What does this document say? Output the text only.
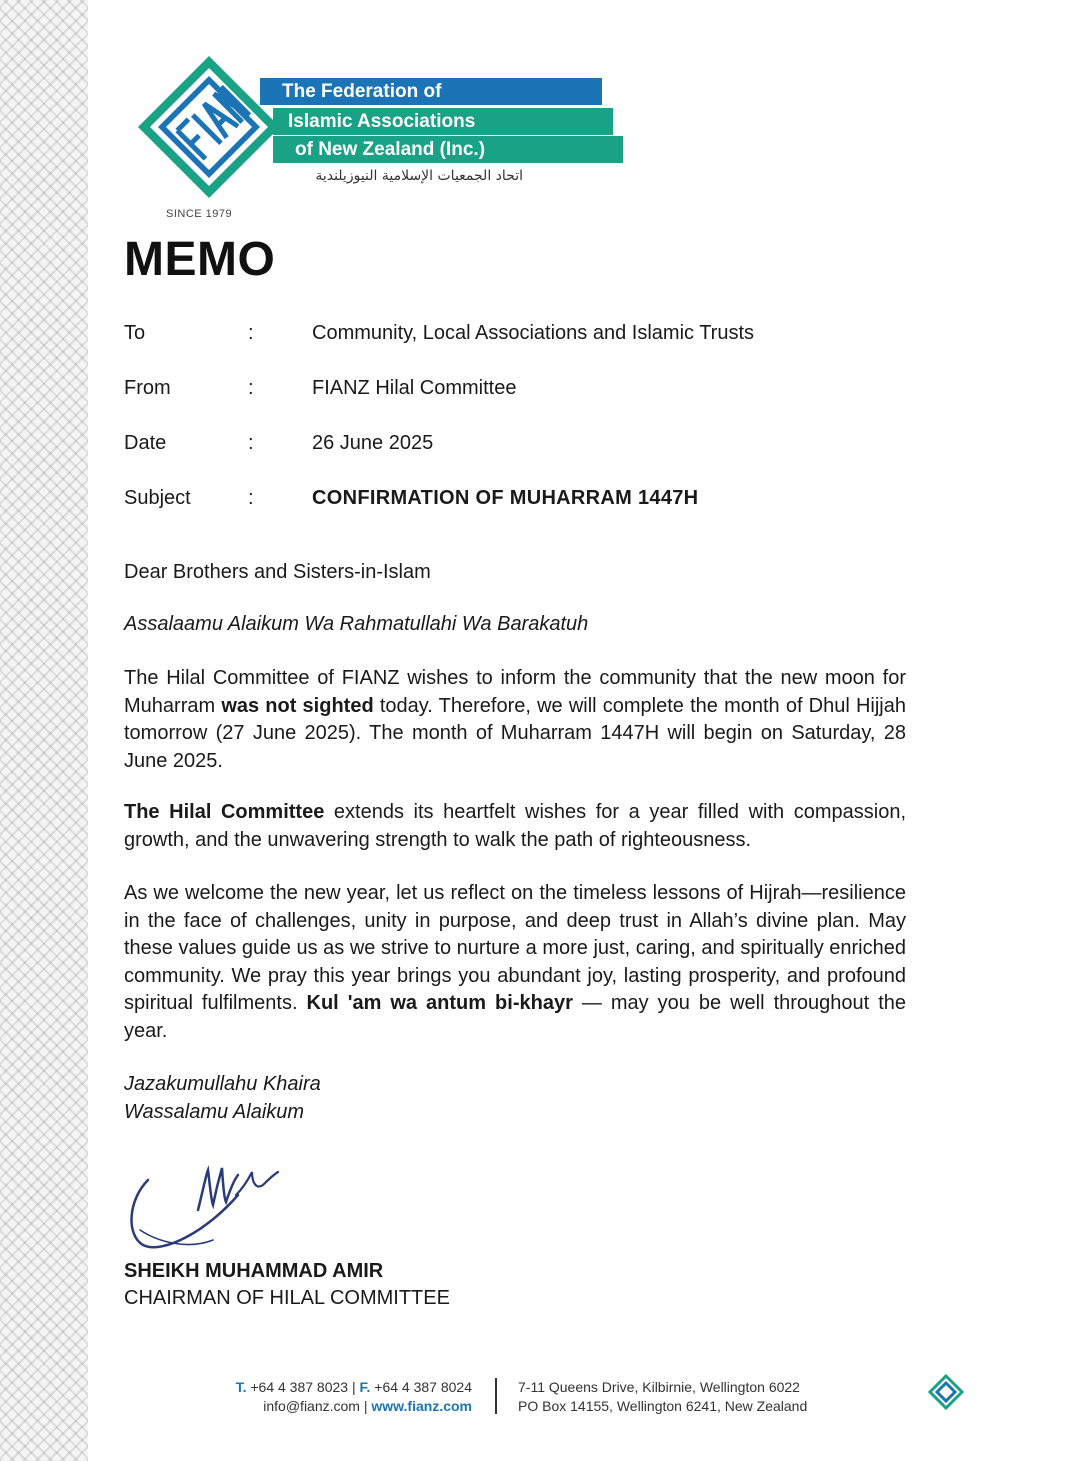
FIANZ
The Federation of
Islamic Associations
of New Zealand (Inc.)
اتحاد الجمعيات الإسلامية النيوزيلندية
SINCE 1979
MEMO
To	:	Community, Local Associations and Islamic Trusts
From	:	FIANZ Hilal Committee
Date	:	26 June 2025
Subject	:	CONFIRMATION OF MUHARRAM 1447H

Dear Brothers and Sisters-in-Islam

Assalaamu Alaikum Wa Rahmatullahi Wa Barakatuh

The Hilal Committee of FIANZ wishes to inform the community that the new moon for Muharram was not sighted today. Therefore, we will complete the month of Dhul Hijjah tomorrow (27 June 2025). The month of Muharram 1447H will begin on Saturday, 28 June 2025.

The Hilal Committee extends its heartfelt wishes for a year filled with compassion, growth, and the unwavering strength to walk the path of righteousness.

As we welcome the new year, let us reflect on the timeless lessons of Hijrah—resilience in the face of challenges, unity in purpose, and deep trust in Allah’s divine plan. May these values guide us as we strive to nurture a more just, caring, and spiritually enriched community. We pray this year brings you abundant joy, lasting prosperity, and profound spiritual fulfilments. Kul 'am wa antum bi-khayr — may you be well throughout the year.

Jazakumullahu Khaira
Wassalamu Alaikum
SHEIKH MUHAMMAD AMIR
CHAIRMAN OF HILAL COMMITTEE
T. +64 4 387 8023 | F. +64 4 387 8024
info@fianz.com | www.fianz.com
7-11 Queens Drive, Kilbirnie, Wellington 6022
PO Box 14155, Wellington 6241, New Zealand
